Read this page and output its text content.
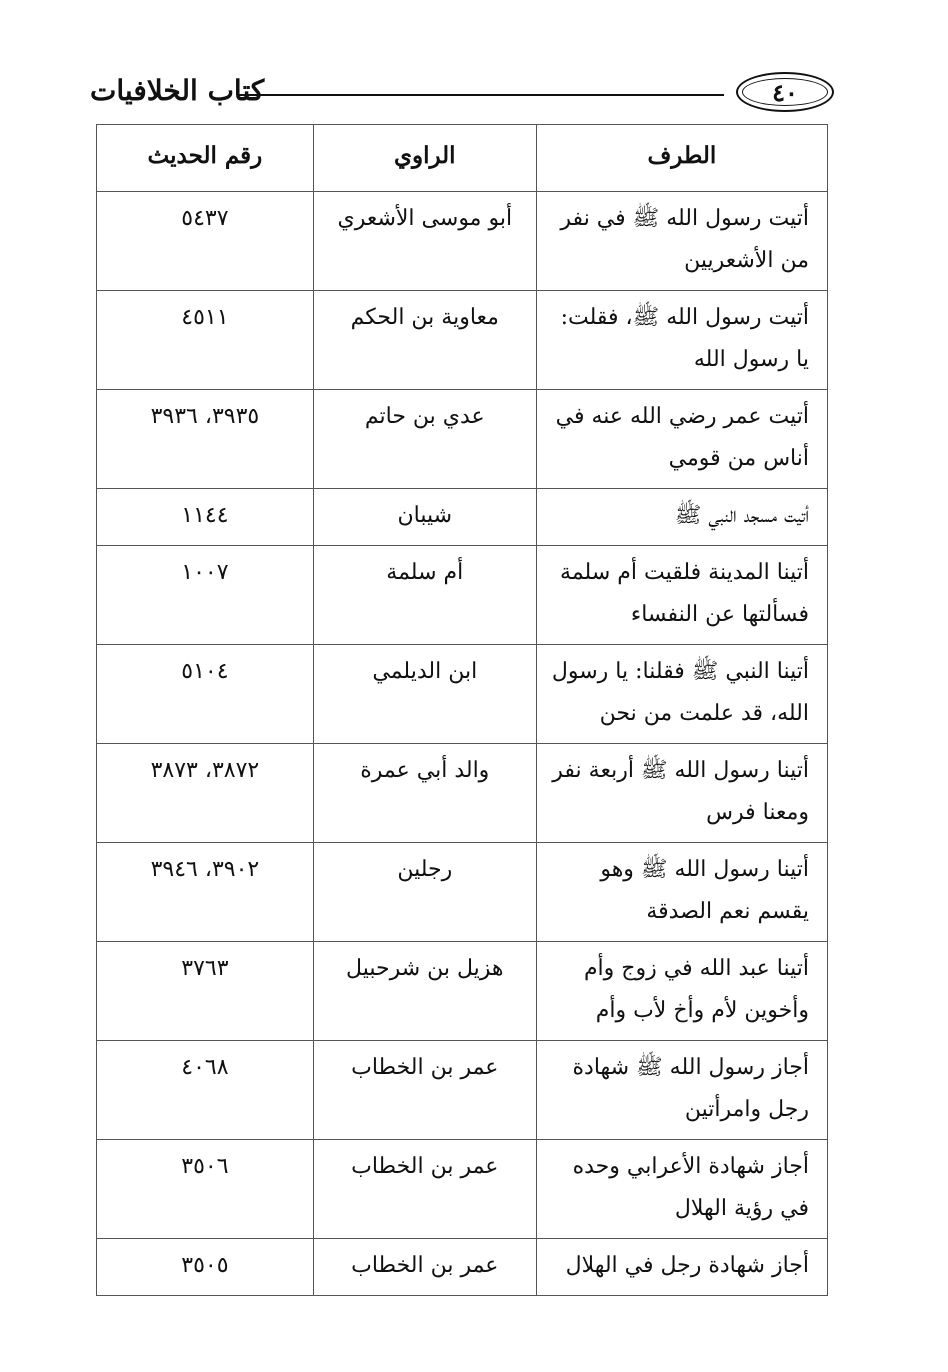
كتاب الخلافيات	٤٠
الطرف	الراوي	رقم الحديث
أتيت رسول الله ﷺ في نفر من الأشعريين	أبو موسى الأشعري	٥٤٣٧
أتيت رسول الله ﷺ، فقلت: يا رسول الله	معاوية بن الحكم	٤٥١١
أتيت عمر رضي الله عنه في أناس من قومي	عدي بن حاتم	٣٩٣٥، ٣٩٣٦
أتيت مسجد النبي ﷺ	شيبان	١١٤٤
أتينا المدينة فلقيت أم سلمة فسألتها عن النفساء	أم سلمة	١٠٠٧
أتينا النبي ﷺ فقلنا: يا رسول الله، قد علمت من نحن	ابن الديلمي	٥١٠٤
أتينا رسول الله ﷺ أربعة نفر ومعنا فرس	والد أبي عمرة	٣٨٧٢، ٣٨٧٣
أتينا رسول الله ﷺ وهو يقسم نعم الصدقة	رجلين	٣٩٠٢، ٣٩٤٦
أتينا عبد الله في زوج وأم وأخوين لأم وأخ لأب وأم	هزيل بن شرحبيل	٣٧٦٣
أجاز رسول الله ﷺ شهادة رجل وامرأتين	عمر بن الخطاب	٤٠٦٨
أجاز شهادة الأعرابي وحده في رؤية الهلال	عمر بن الخطاب	٣٥٠٦
أجاز شهادة رجل في الهلال	عمر بن الخطاب	٣٥٠٥
